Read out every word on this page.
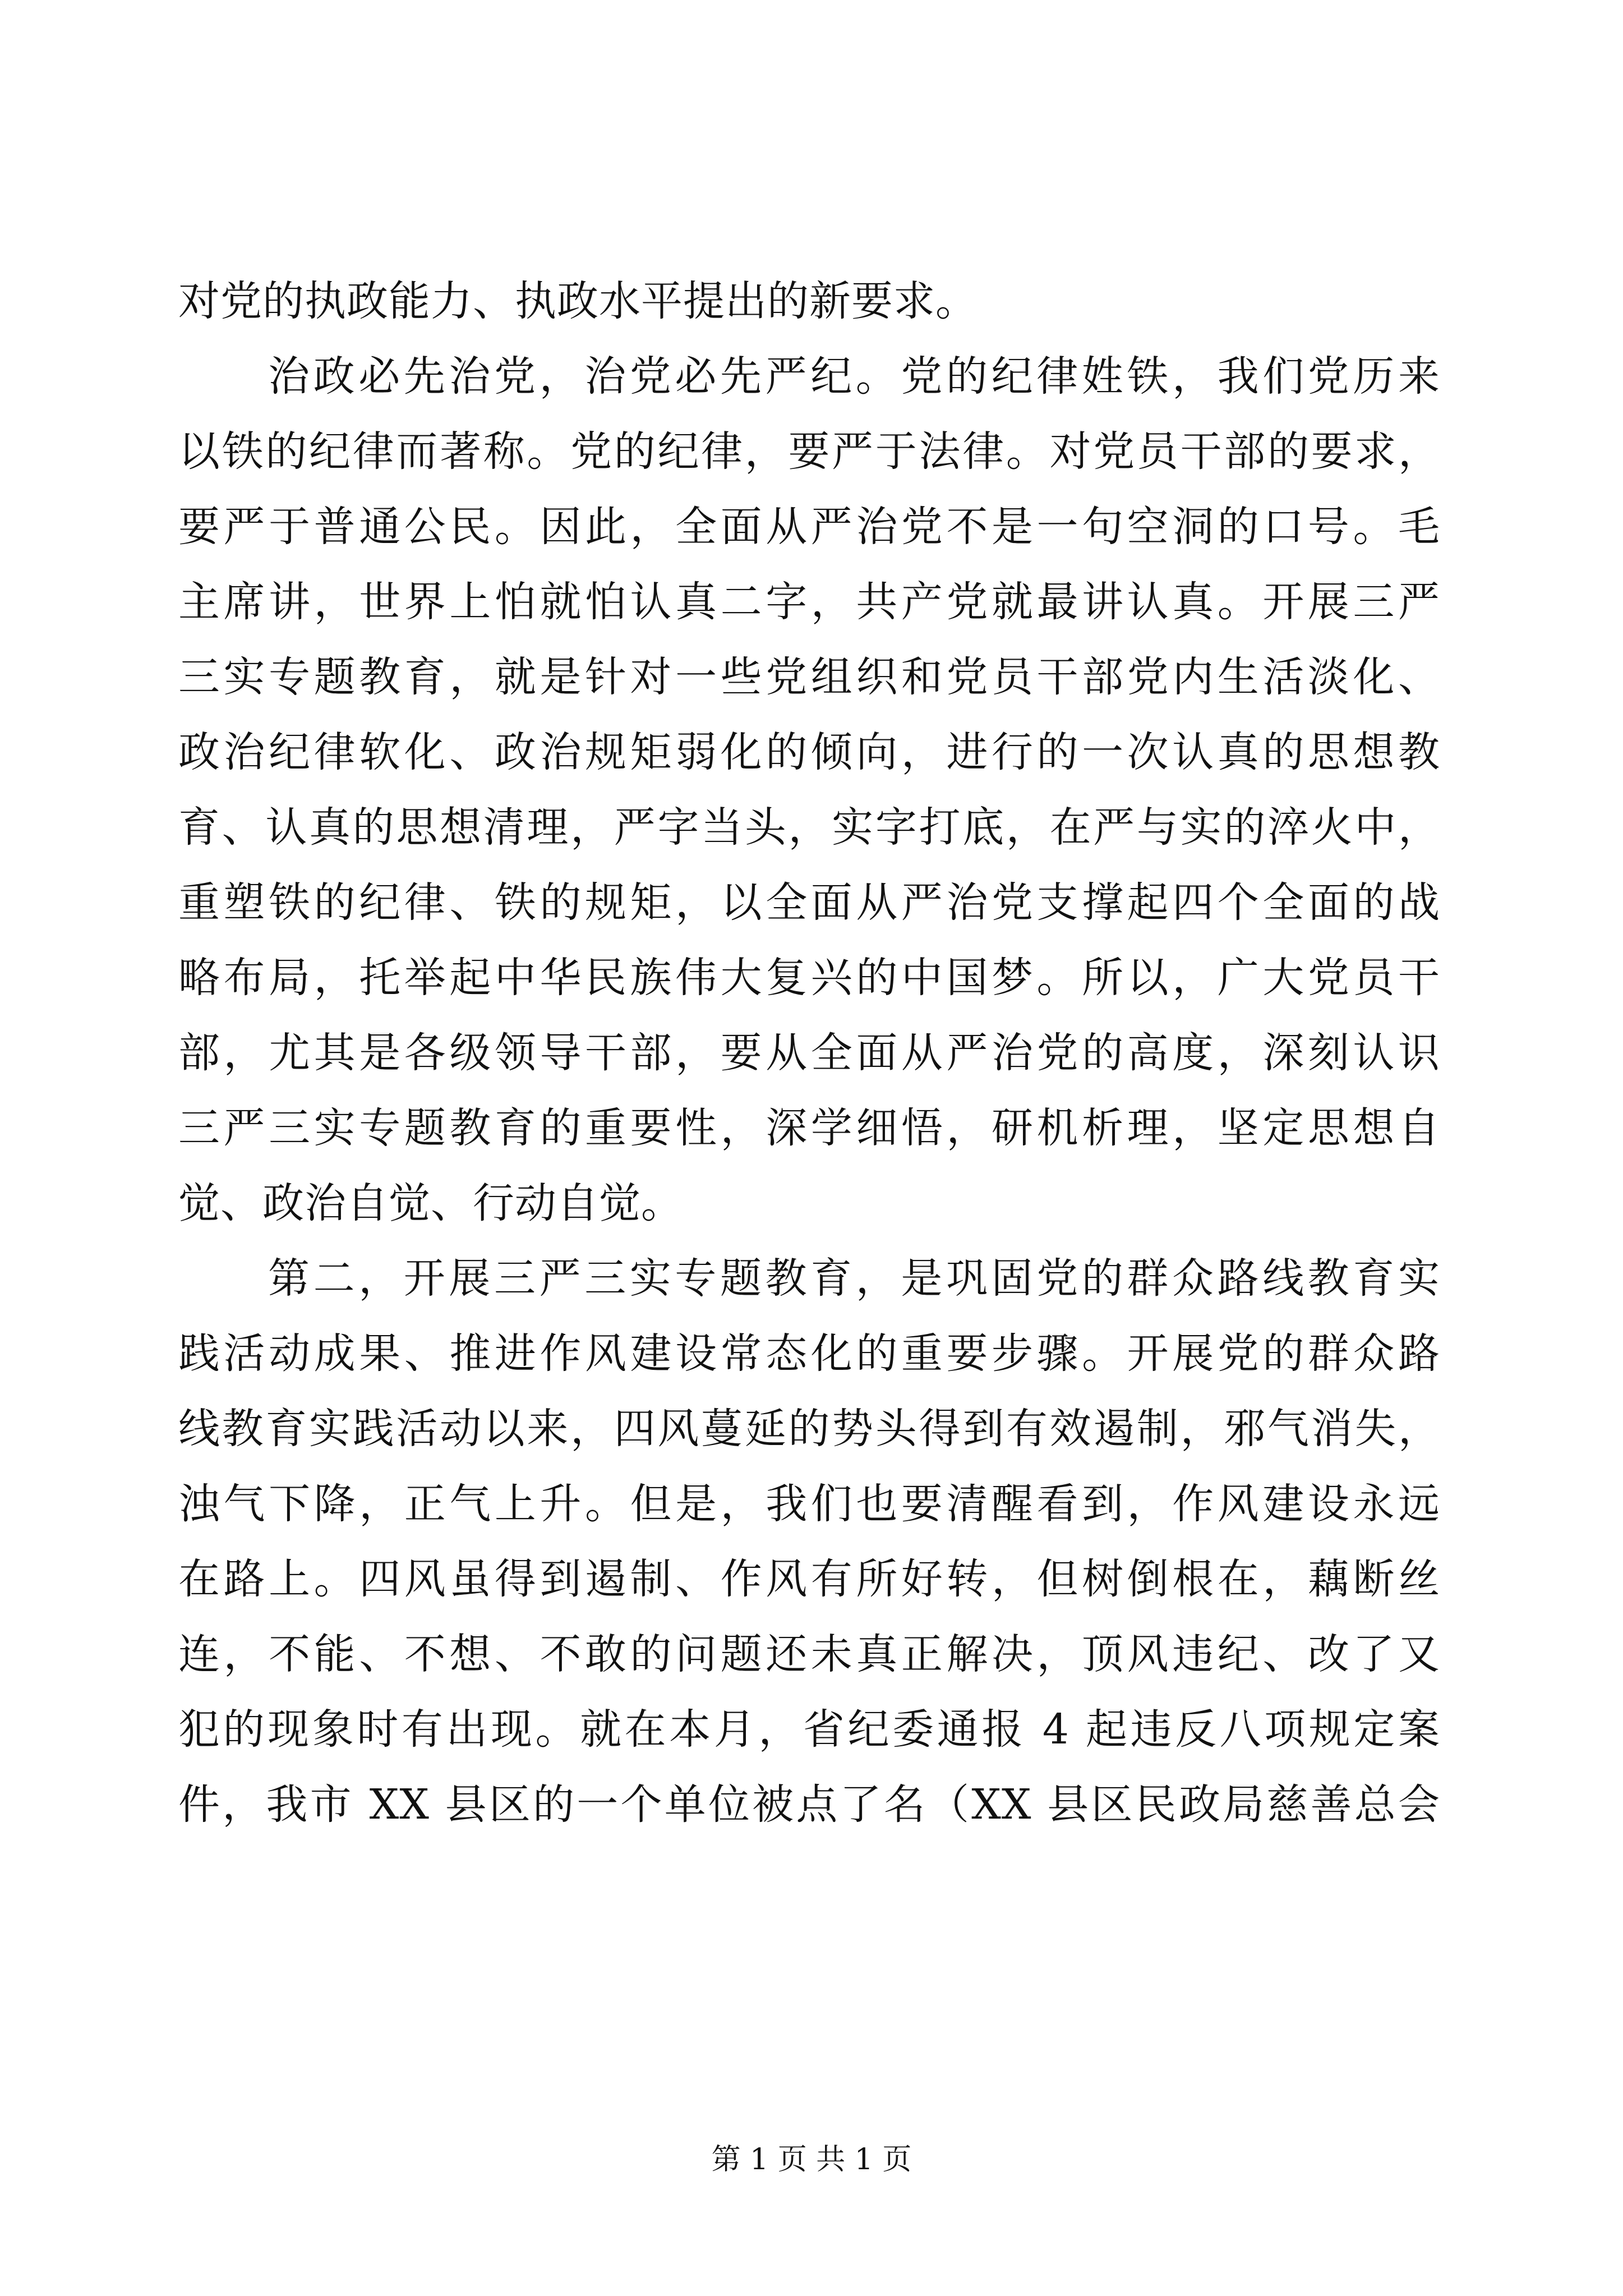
对党的执政能力、执政水平提出的新要求。
治政必先治党，治党必先严纪。党的纪律姓铁，我们党历来
以铁的纪律而著称。党的纪律，要严于法律。对党员干部的要求，
要严于普通公民。因此，全面从严治党不是一句空洞的口号。毛
主席讲，世界上怕就怕认真二字，共产党就最讲认真。开展三严
三实专题教育，就是针对一些党组织和党员干部党内生活淡化、
政治纪律软化、政治规矩弱化的倾向，进行的一次认真的思想教
育、认真的思想清理，严字当头，实字打底，在严与实的淬火中，
重塑铁的纪律、铁的规矩，以全面从严治党支撑起四个全面的战
略布局，托举起中华民族伟大复兴的中国梦。所以，广大党员干
部，尤其是各级领导干部，要从全面从严治党的高度，深刻认识
三严三实专题教育的重要性，深学细悟，研机析理，坚定思想自
觉、政治自觉、行动自觉。
第二，开展三严三实专题教育，是巩固党的群众路线教育实
践活动成果、推进作风建设常态化的重要步骤。开展党的群众路
线教育实践活动以来，四风蔓延的势头得到有效遏制，邪气消失，
浊气下降，正气上升。但是，我们也要清醒看到，作风建设永远
在路上。四风虽得到遏制、作风有所好转，但树倒根在，藕断丝
连，不能、不想、不敢的问题还未真正解决，顶风违纪、改了又
犯的现象时有出现。就在本月，省纪委通报 4 起违反八项规定案
件，我市 XX 县区的一个单位被点了名（XX 县区民政局慈善总会
第 1 页 共 1 页
